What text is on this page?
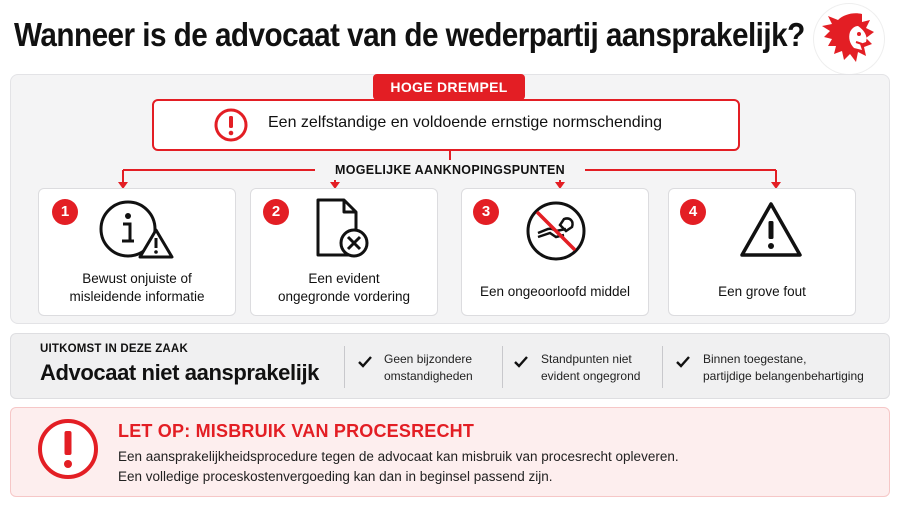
Wanneer is de advocaat van de wederpartij aansprakelijk?
HOGE DREMPEL
Een zelfstandige en voldoende ernstige normschending
MOGELIJKE AANKNOPINGSPUNTEN
1
Bewust onjuiste of
misleidende informatie
2
Een evident
ongegronde vordering
3
Een ongeoorloofd middel
4
Een grove fout
UITKOMST IN DEZE ZAAK
Advocaat niet aansprakelijk
Geen bijzondere
omstandigheden
Standpunten niet
evident ongegrond
Binnen toegestane,
partijdige belangenbehartiging
LET OP: MISBRUIK VAN PROCESRECHT
Een aansprakelijkheidsprocedure tegen de advocaat kan misbruik van procesrecht opleveren.
Een volledige proceskostenvergoeding kan dan in beginsel passend zijn.
